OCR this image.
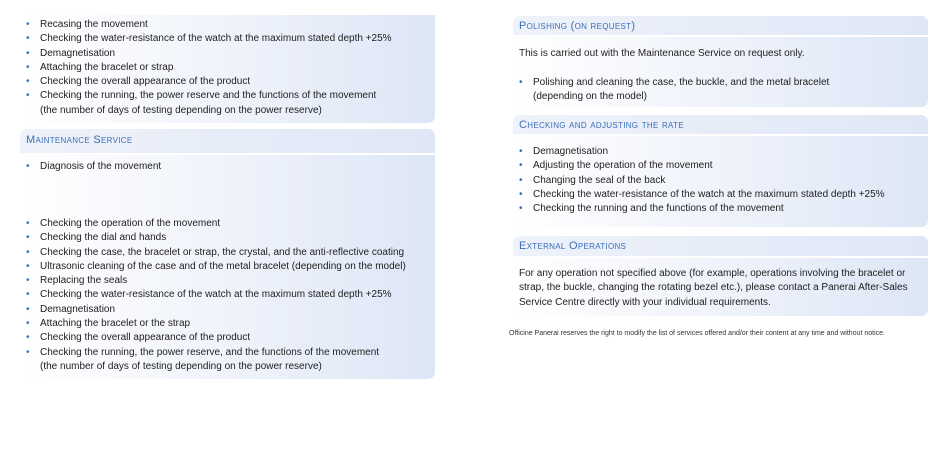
• Recasing the movement
• Checking the water-resistance of the watch at the maximum stated depth +25%
• Demagnetisation
• Attaching the bracelet or strap
• Checking the overall appearance of the product
• Checking the running, the power reserve and the functions of the movement
(the number of days of testing depending on the power reserve)
Maintenance Service
• Diagnosis of the movement
• Checking the operation of the movement
• Checking the dial and hands
• Checking the case, the bracelet or strap, the crystal, and the anti-reflective coating
• Ultrasonic cleaning of the case and of the metal bracelet (depending on the model)
• Replacing the seals
• Checking the water-resistance of the watch at the maximum stated depth +25%
• Demagnetisation
• Attaching the bracelet or the strap
• Checking the overall appearance of the product
• Checking the running, the power reserve, and the functions of the movement
(the number of days of testing depending on the power reserve)
Polishing (on request)
This is carried out with the Maintenance Service on request only.
• Polishing and cleaning the case, the buckle, and the metal bracelet
(depending on the model)
Checking and adjusting the rate
• Demagnetisation
• Adjusting the operation of the movement
• Changing the seal of the back
• Checking the water-resistance of the watch at the maximum stated depth +25%
• Checking the running and the functions of the movement
External Operations
For any operation not specified above (for example, operations involving the bracelet or
strap, the buckle, changing the rotating bezel etc.), please contact a Panerai After-Sales
Service Centre directly with your individual requirements.
Officine Panerai reserves the right to modify the list of services offered and/or their content at any time and without notice.
